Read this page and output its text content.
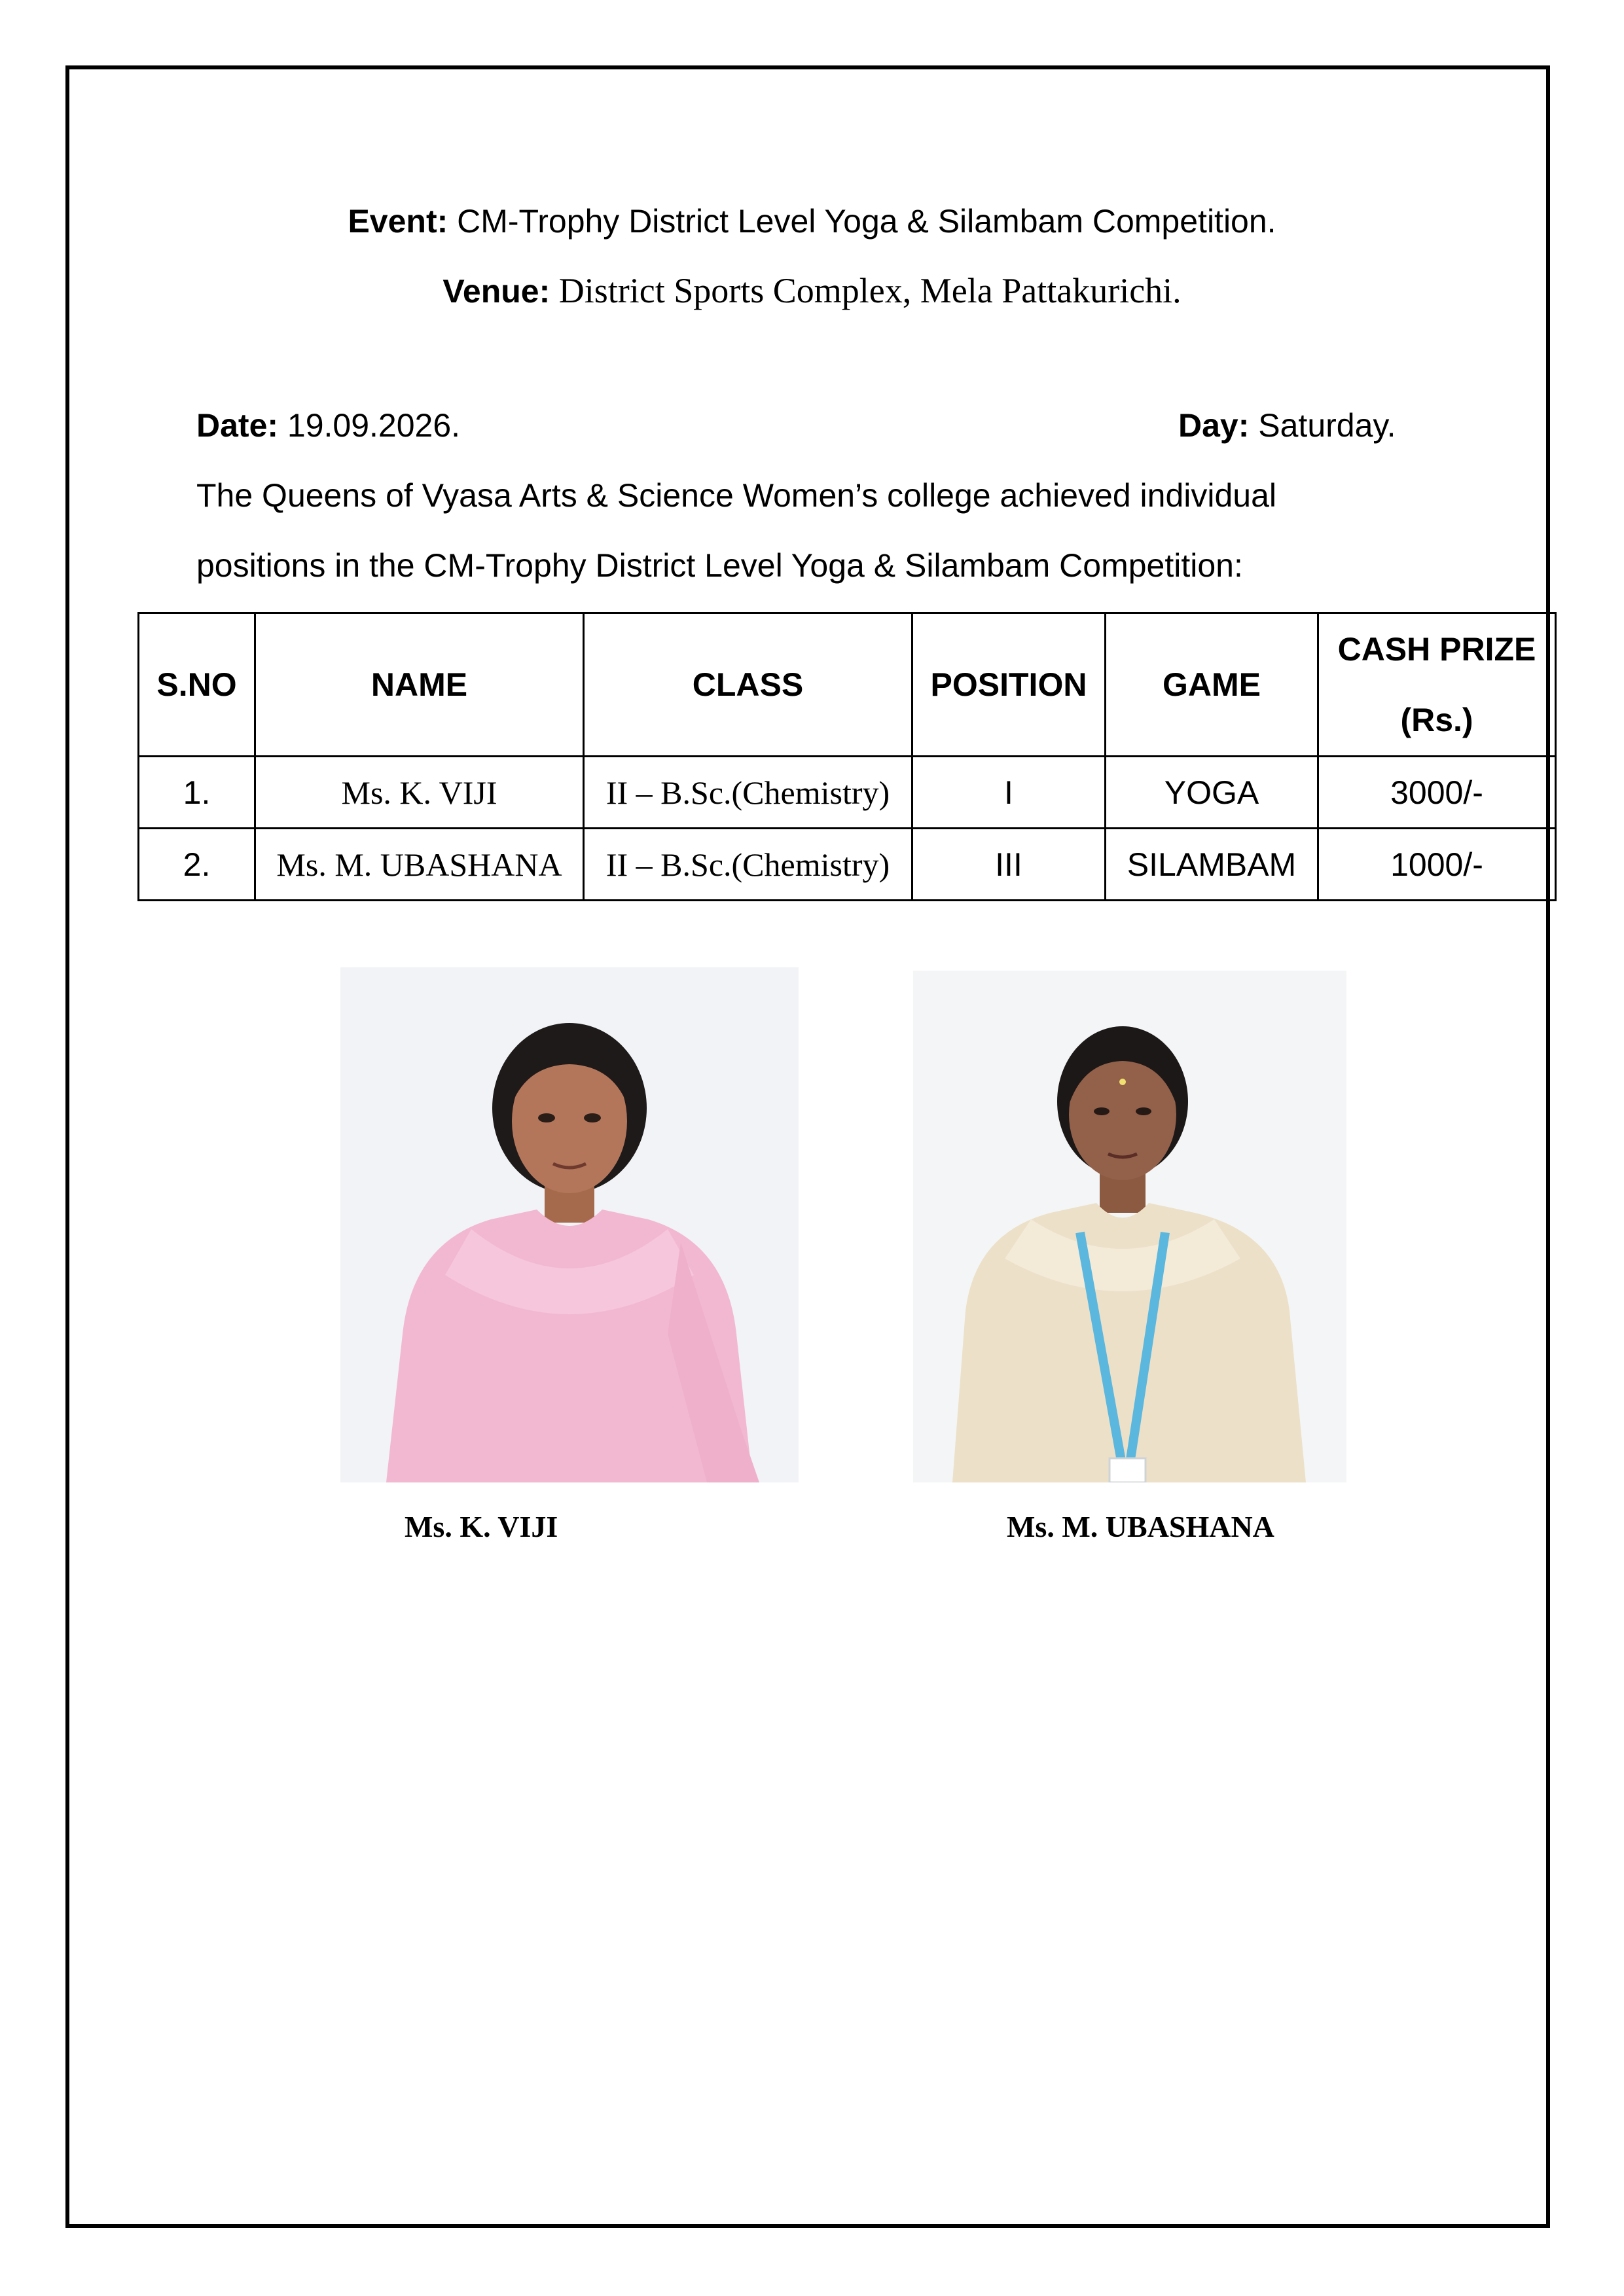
Event: CM-Trophy District Level Yoga & Silambam Competition.
Venue: District Sports Complex, Mela Pattakurichi.
Date: 19.09.2026.	Day: Saturday.
The Queens of Vyasa Arts & Science Women’s college achieved individual
positions in the CM-Trophy District Level Yoga & Silambam Competition:
S.NO	NAME	CLASS	POSITION	GAME	CASH PRIZE
(Rs.)

1.	Ms. K. VIJI	II – B.Sc.(Chemistry)	I	YOGA	3000/-
2.	Ms. M. UBASHANA	II – B.Sc.(Chemistry)	III	SILAMBAM	1000/-
Ms. K. VIJI	Ms. M. UBASHANA
